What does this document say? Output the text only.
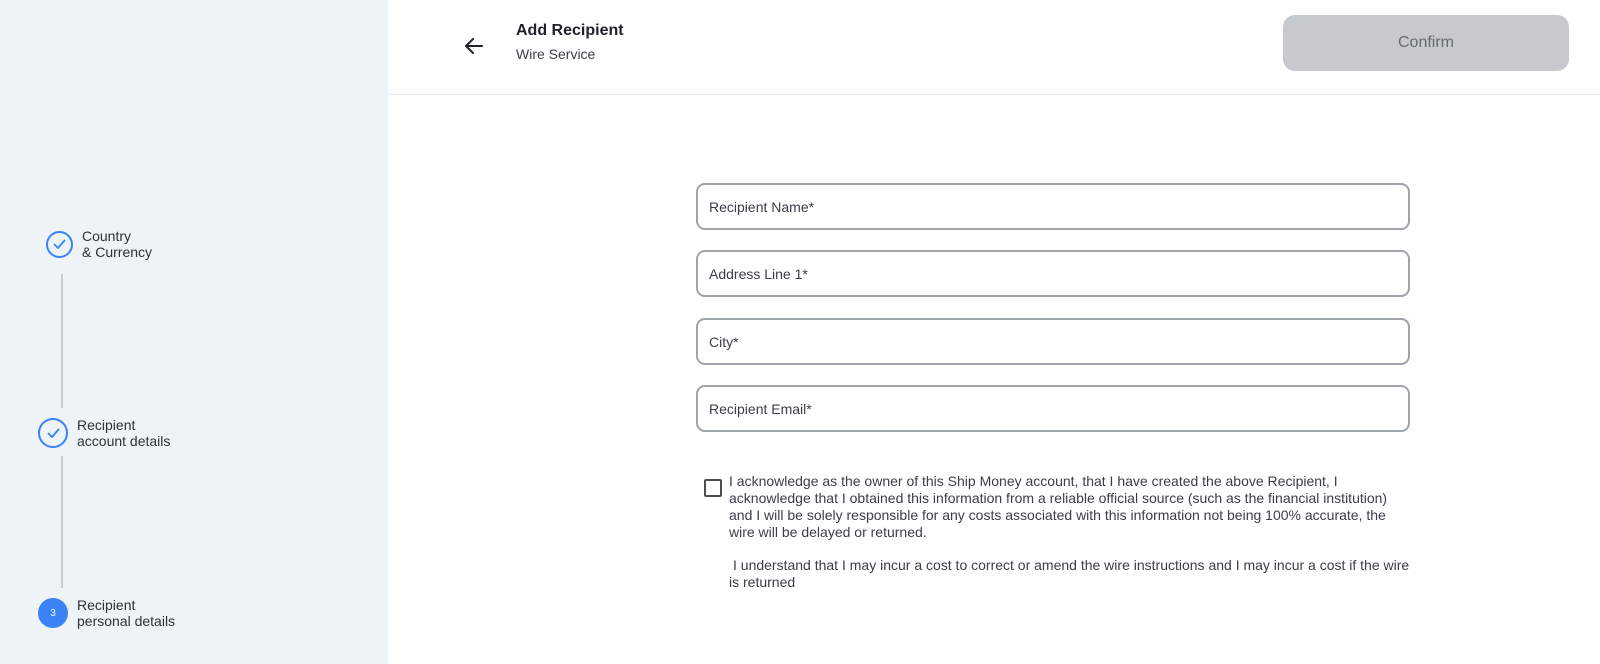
Country
& Currency
Recipient
account details
3	Recipient
personal details
Add Recipient
Wire Service
Confirm
Recipient Name*
Address Line 1*
City*
Recipient Email*
I acknowledge as the owner of this Ship Money account, that I have created the above Recipient, I acknowledge that I obtained this information from a reliable official source (such as the financial institution) and I will be solely responsible for any costs associated with this information not being 100% accurate, the wire will be delayed or returned.
I understand that I may incur a cost to correct or amend the wire instructions and I may incur a cost if the wire is returned
